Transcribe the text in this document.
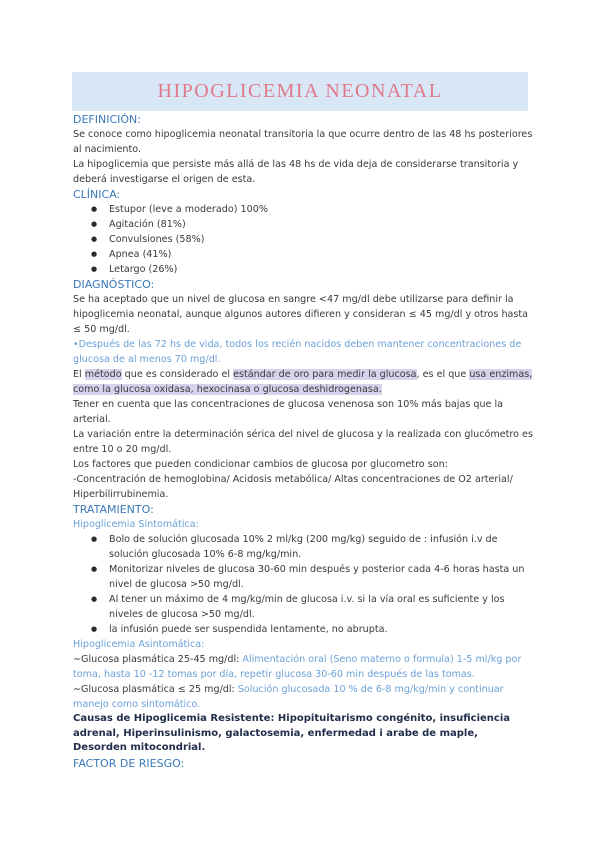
HIPOGLICEMIA NEONATAL
DEFINICIÓN:

Se conoce como hipoglicemia neonatal transitoria la que ocurre dentro de las 48 hs posteriores al nacimiento.

La hipoglicemia que persiste más allá de las 48 hs de vida deja de considerarse transitoria y deberá investigarse el origen de esta.

CLÍNICA:
● Estupor (leve a moderado) 100%
● Agitación (81%)
● Convulsiones (58%)
● Apnea (41%)
● Letargo (26%)
DIAGNÓSTICO:

Se ha aceptado que un nivel de glucosa en sangre <47 mg/dl debe utilizarse para definir la hipoglicemia neonatal, aunque algunos autores difieren y consideran ≤ 45 mg/dl y otros hasta ≤ 50 mg/dl.

•Después de las 72 hs de vida, todos los recién nacidos deben mantener concentraciones de glucosa de al menos 70 mg/dl.

El método que es considerado el estándar de oro para medir la glucosa, es el que usa enzimas, como la glucosa oxidasa, hexocinasa o glucosa deshidrogenasa.

Tener en cuenta que las concentraciones de glucosa venenosa son 10% más bajas que la arterial.

La variación entre la determinación sérica del nivel de glucosa y la realizada con glucómetro es entre 10 o 20 mg/dl.

Los factores que pueden condicionar cambios de glucosa por glucometro son:

-Concentración de hemoglobina/ Acidosis metabólica/ Altas concentraciones de O2 arterial/ Hiperbilirrubinemia.

TRATAMIENTO:
Hipoglicemia Sintomática:
● Bolo de solución glucosada 10% 2 ml/kg (200 mg/kg) seguido de : infusión i.v de solución glucosada 10% 6-8 mg/kg/min.
● Monitorizar niveles de glucosa 30-60 min después y posterior cada 4-6 horas hasta un nivel de glucosa >50 mg/dl.
● Al tener un máximo de 4 mg/kg/min de glucosa i.v. si la vía oral es suficiente y los niveles de glucosa >50 mg/dl.
● la infusión puede ser suspendida lentamente, no abrupta.
Hipoglicemia Asintomática:

∼Glucosa plasmática 25-45 mg/dl: Alimentación oral (Seno materno o formula) 1-5 ml/kg por toma, hasta 10 -12 tomas por día, repetir glucosa 30-60 min después de las tomas.

∼Glucosa plasmática ≤ 25 mg/dl: Solución glucosada 10 % de 6-8 mg/kg/min y continuar manejo como sintomático.

Causas de Hipoglicemia Resistente: Hipopituitarismo congénito, insuficiencia adrenal, Hiperinsulinismo, galactosemia, enfermedad i arabe de maple, Desorden mitocondrial.

FACTOR DE RIESGO:
